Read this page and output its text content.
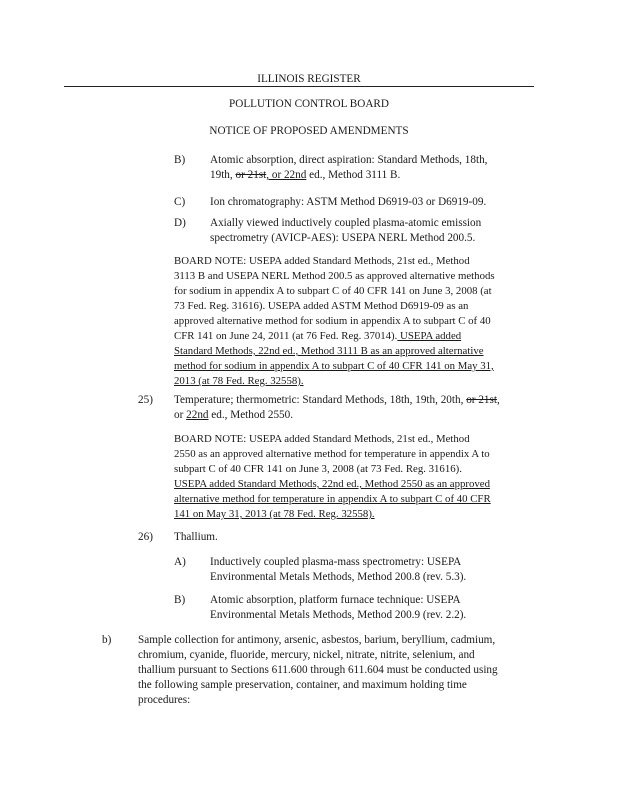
ILLINOIS REGISTER
POLLUTION CONTROL BOARD
NOTICE OF PROPOSED AMENDMENTS
B) Atomic absorption, direct aspiration: Standard Methods, 18th,
19th, or 21st, or 22nd ed., Method 3111 B.
C) Ion chromatography: ASTM Method D6919-03 or D6919-09.
D) Axially viewed inductively coupled plasma-atomic emission
spectrometry (AVICP-AES): USEPA NERL Method 200.5.
BOARD NOTE: USEPA added Standard Methods, 21st ed., Method
3113 B and USEPA NERL Method 200.5 as approved alternative methods
for sodium in appendix A to subpart C of 40 CFR 141 on June 3, 2008 (at
73 Fed. Reg. 31616). USEPA added ASTM Method D6919-09 as an
approved alternative method for sodium in appendix A to subpart C of 40
CFR 141 on June 24, 2011 (at 76 Fed. Reg. 37014). USEPA added
Standard Methods, 22nd ed., Method 3111 B as an approved alternative
method for sodium in appendix A to subpart C of 40 CFR 141 on May 31,
2013 (at 78 Fed. Reg. 32558).
25) Temperature; thermometric: Standard Methods, 18th, 19th, 20th, or 21st,
or 22nd ed., Method 2550.
BOARD NOTE: USEPA added Standard Methods, 21st ed., Method
2550 as an approved alternative method for temperature in appendix A to
subpart C of 40 CFR 141 on June 3, 2008 (at 73 Fed. Reg. 31616).
USEPA added Standard Methods, 22nd ed., Method 2550 as an approved
alternative method for temperature in appendix A to subpart C of 40 CFR
141 on May 31, 2013 (at 78 Fed. Reg. 32558).
26) Thallium.
A) Inductively coupled plasma-mass spectrometry: USEPA
Environmental Metals Methods, Method 200.8 (rev. 5.3).
B) Atomic absorption, platform furnace technique: USEPA
Environmental Metals Methods, Method 200.9 (rev. 2.2).
b) Sample collection for antimony, arsenic, asbestos, barium, beryllium, cadmium,
chromium, cyanide, fluoride, mercury, nickel, nitrate, nitrite, selenium, and
thallium pursuant to Sections 611.600 through 611.604 must be conducted using
the following sample preservation, container, and maximum holding time
procedures:
